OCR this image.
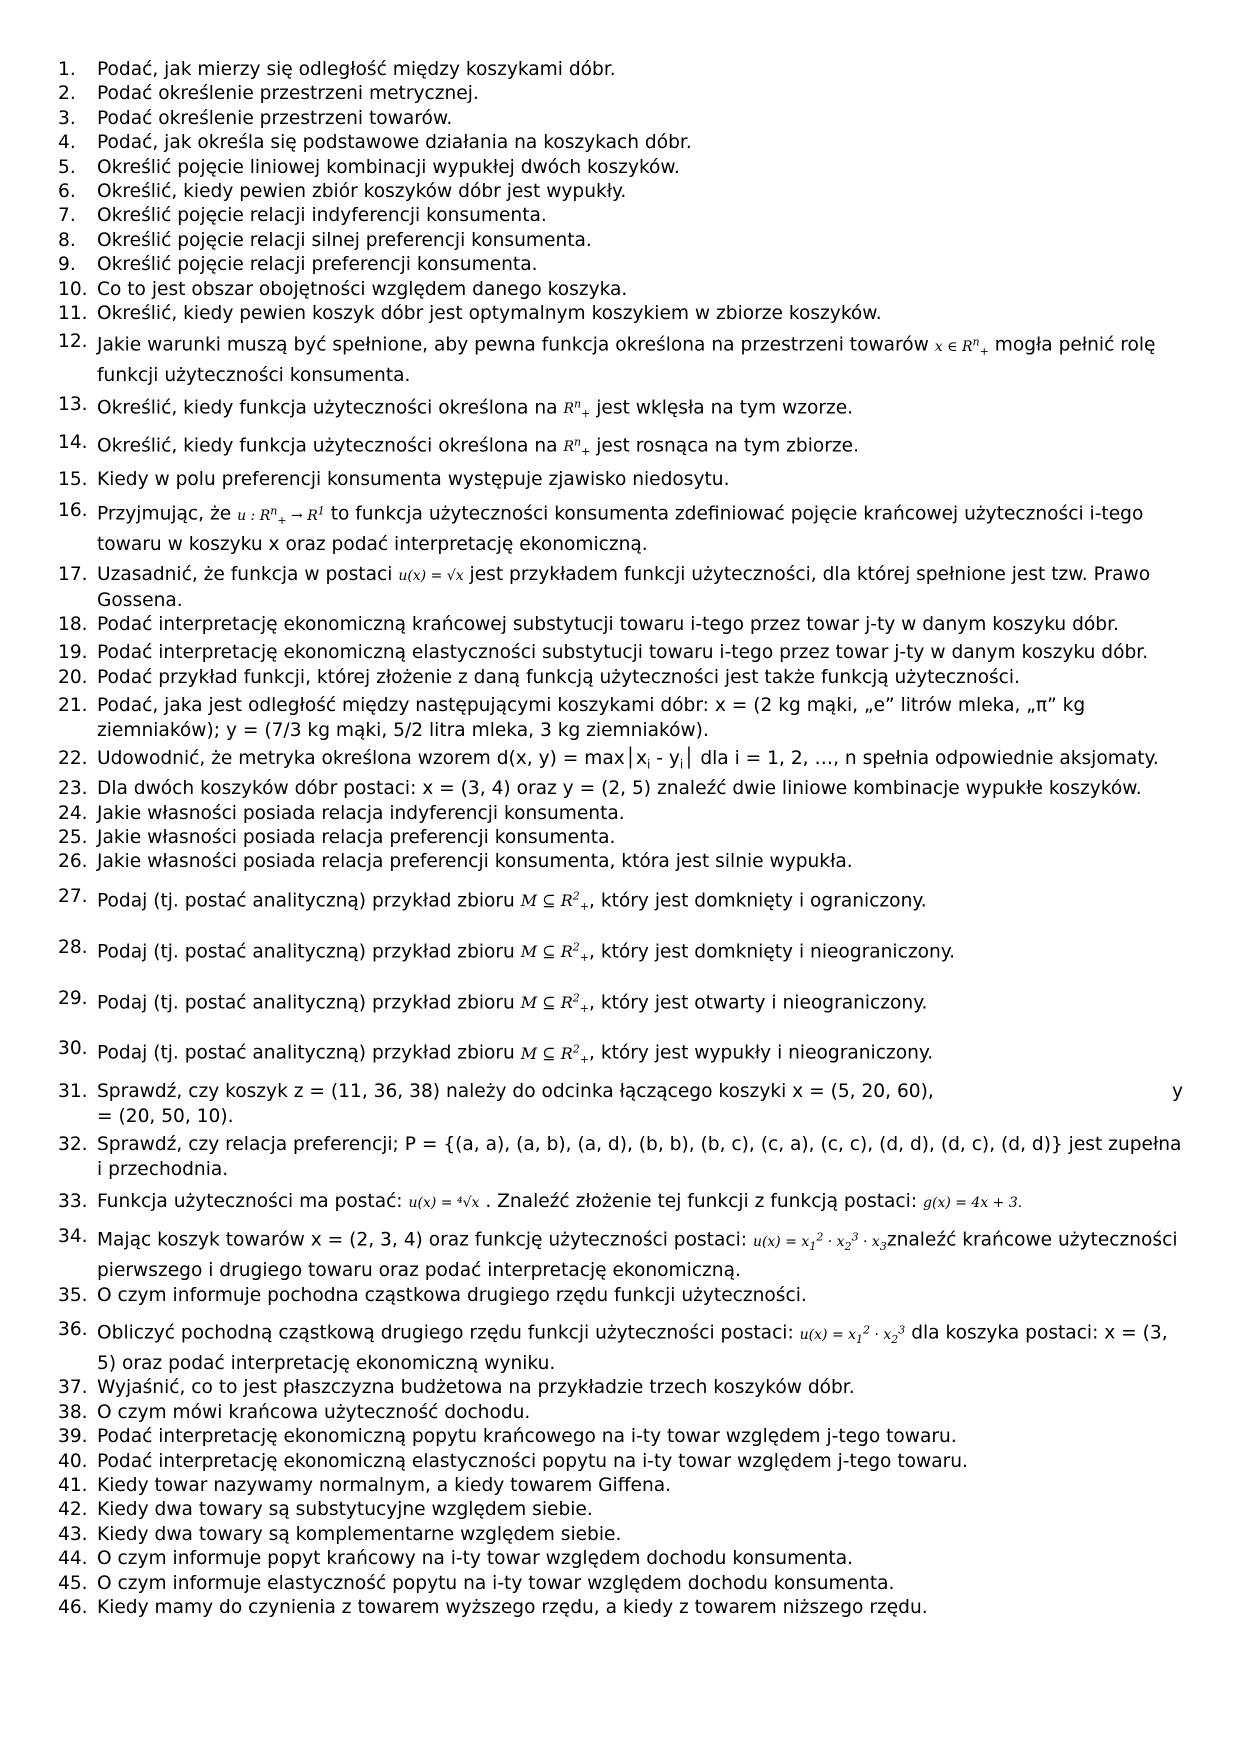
1.	Podać, jak mierzy się odległość między koszykami dóbr.
2.	Podać określenie przestrzeni metrycznej.
3.	Podać określenie przestrzeni towarów.
4.	Podać, jak określa się podstawowe działania na koszykach dóbr.
5.	Określić pojęcie liniowej kombinacji wypukłej dwóch koszyków.
6.	Określić, kiedy pewien zbiór koszyków dóbr jest wypukły.
7.	Określić pojęcie relacji indyferencji konsumenta.
8.	Określić pojęcie relacji silnej preferencji konsumenta.
9.	Określić pojęcie relacji preferencji konsumenta.
10. Co to jest obszar obojętności względem danego koszyka.
11. Określić, kiedy pewien koszyk dóbr jest optymalnym koszykiem w zbiorze koszyków.
12. Jakie warunki muszą być spełnione, aby pewna funkcja określona na przestrzeni towarów x ∈ $R^n_+$ mogła pełnić rolę funkcji użyteczności konsumenta.
13. Określić, kiedy funkcja użyteczności określona na $R^n_+$ jest wklęsła na tym wzorze.
14. Określić, kiedy funkcja użyteczności określona na $R^n_+$ jest rosnąca na tym zbiorze.
15. Kiedy w polu preferencji konsumenta występuje zjawisko niedosytu.
16. Przyjmując, że u : $R^n_+ \to R^1$ to funkcja użyteczności konsumenta zdefiniować pojęcie krańcowej użyteczności i-tego towaru w koszyku x oraz podać interpretację ekonomiczną.
17. Uzasadnić, że funkcja w postaci u(x) = √x jest przykładem funkcji użyteczności, dla której spełnione jest tzw. Prawo Gossena.
18. Podać interpretację ekonomiczną krańcowej substytucji towaru i-tego przez towar j-ty w danym koszyku dóbr.
19. Podać interpretację ekonomiczną elastyczności substytucji towaru i-tego przez towar j-ty w danym koszyku dóbr.
20. Podać przykład funkcji, której złożenie z daną funkcją użyteczności jest także funkcją użyteczności.
21. Podać, jaka jest odległość między następującymi koszykami dóbr: x = (2 kg mąki, „e” litrów mleka, „π” kg ziemniaków); y = (7/3 kg mąki, 5/2 litra mleka, 3 kg ziemniaków).
22. Udowodnić, że metryka określona wzorem d(x, $y) = \max│x_i$ - $y_i│$ dla i = 1, 2, …, n spełnia odpowiednie aksjomaty.
23. Dla dwóch koszyków dóbr postaci: x = (3, 4) oraz y = (2, 5) znaleźć dwie liniowe kombinacje wypukłe koszyków.
24. Jakie własności posiada relacja indyferencji konsumenta.
25. Jakie własności posiada relacja preferencji konsumenta.
26. Jakie własności posiada relacja preferencji konsumenta, która jest silnie wypukła.
27. Podaj (tj. postać analityczną) przykład zbioru M ⊆ $R^2_+$, który jest domknięty i ograniczony.
28. Podaj (tj. postać analityczną) przykład zbioru M ⊆ $R^2_+$, który jest domknięty i nieograniczony.
29. Podaj (tj. postać analityczną) przykład zbioru M ⊆ $R^2_+$, który jest otwarty i nieograniczony.
30. Podaj (tj. postać analityczną) przykład zbioru M ⊆ $R^2_+$, który jest wypukły i nieograniczony.
31. Sprawdź, czy koszyk z = (11, 36, 38) należy do odcinka łączącego koszyki x = (5, 20, 60),	y

= (20, 50, 10).
32. Sprawdź, czy relacja preferencji; P = {(a, a), (a, b), (a, d), (b, b), (b, c), (c, a), (c, c), (d, d), (d, c), (d, d)} jest zupełna i przechodnia.
33. Funkcja użyteczności ma postać: u(x) = ⁴√x . Znaleźć złożenie tej funkcji z funkcją postaci: g(x) = 4x + 3.
34. Mając koszyk towarów x = (2, 3, 4) oraz funkcję użyteczności postaci: $u(x) = x_1^2 \cdot x_2^3$ · $x_3znaleźć$ krańcowe użyteczności pierwszego i drugiego towaru oraz podać interpretację ekonomiczną.
35. O czym informuje pochodna cząstkowa drugiego rzędu funkcji użyteczności.
36. Obliczyć pochodną cząstkową drugiego rzędu funkcji użyteczności postaci: $u(x) = x_1^2 \cdot x_2^3$ dla koszyka postaci: x = (3, 5) oraz podać interpretację ekonomiczną wyniku.
37. Wyjaśnić, co to jest płaszczyzna budżetowa na przykładzie trzech koszyków dóbr.
38. O czym mówi krańcowa użyteczność dochodu.
39. Podać interpretację ekonomiczną popytu krańcowego na i-ty towar względem j-tego towaru.
40. Podać interpretację ekonomiczną elastyczności popytu na i-ty towar względem j-tego towaru.
41. Kiedy towar nazywamy normalnym, a kiedy towarem Giffena.
42. Kiedy dwa towary są substytucyjne względem siebie.
43. Kiedy dwa towary są komplementarne względem siebie.
44. O czym informuje popyt krańcowy na i-ty towar względem dochodu konsumenta.
45. O czym informuje elastyczność popytu na i-ty towar względem dochodu konsumenta.
46. Kiedy mamy do czynienia z towarem wyższego rzędu, a kiedy z towarem niższego rzędu.
